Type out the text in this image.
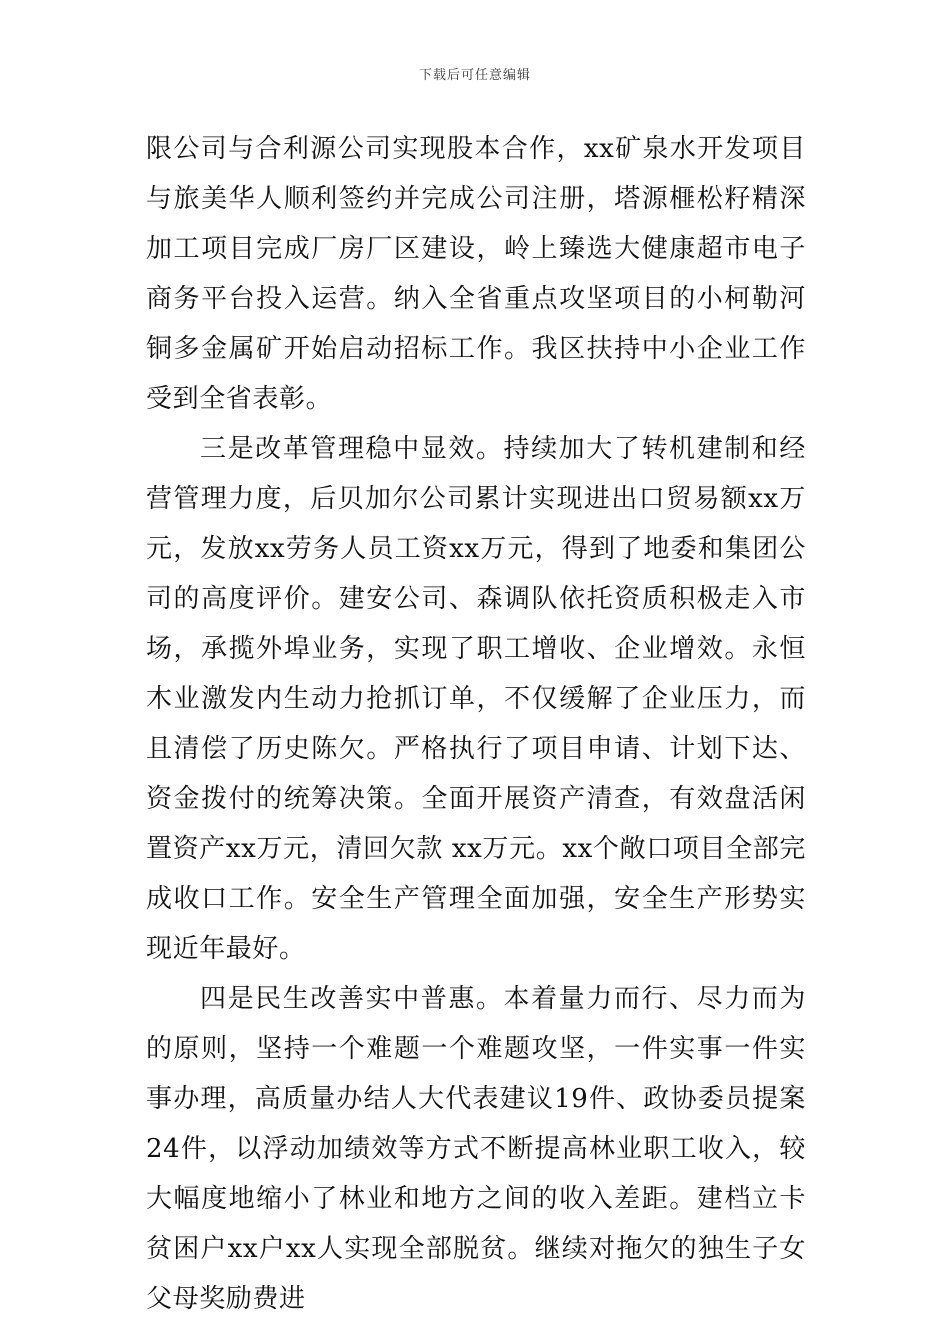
下载后可任意编辑

限公司与合利源公司实现股本合作，xx矿泉水开发项目与旅美华人顺利签约并完成公司注册，塔源榧松籽精深加工项目完成厂房厂区建设，岭上臻选大健康超市电子商务平台投入运营。纳入全省重点攻坚项目的小柯勒河铜多金属矿开始启动招标工作。我区扶持中小企业工作受到全省表彰。

三是改革管理稳中显效。持续加大了转机建制和经营管理力度，后贝加尔公司累计实现进出口贸易额xx万元，发放xx劳务人员工资xx万元，得到了地委和集团公司的高度评价。建安公司、森调队依托资质积极走入市场，承揽外埠业务，实现了职工增收、企业增效。永恒木业激发内生动力抢抓订单，不仅缓解了企业压力，而且清偿了历史陈欠。严格执行了项目申请、计划下达、资金拨付的统筹决策。全面开展资产清查，有效盘活闲置资产xx万元，清回欠款 xx万元。xx个敞口项目全部完成收口工作。安全生产管理全面加强，安全生产形势实现近年最好。

四是民生改善实中普惠。本着量力而行、尽力而为的原则，坚持一个难题一个难题攻坚，一件实事一件实事办理，高质量办结人大代表建议19件、政协委员提案24件，以浮动加绩效等方式不断提高林业职工收入，较大幅度地缩小了林业和地方之间的收入差距。建档立卡贫困户xx户xx人实现全部脱贫。继续对拖欠的独生子女父母奖励费进
